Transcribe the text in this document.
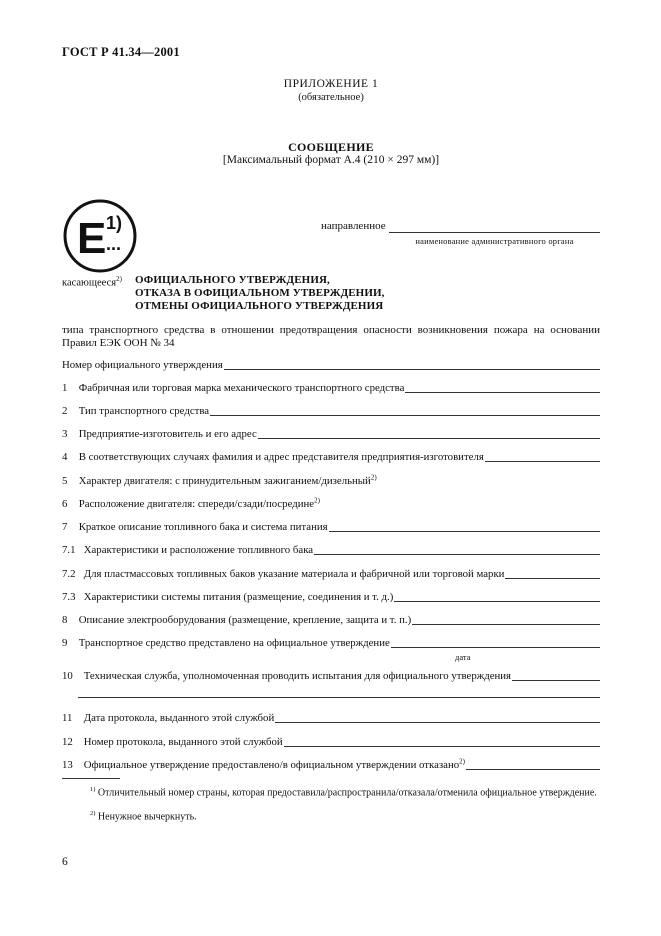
ГОСТ Р 41.34—2001
ПРИЛОЖЕНИЕ 1
(обязательное)
СООБЩЕНИЕ
[Максимальный формат А.4 (210 × 297 мм)]
E 1)
...
направленное
наименование административного органа
касающееся$^{2)}$ ОФИЦИАЛЬНОГО УТВЕРЖДЕНИЯ,
ОТКАЗА В ОФИЦИАЛЬНОМ УТВЕРЖДЕНИИ,
ОТМЕНЫ ОФИЦИАЛЬНОГО УТВЕРЖДЕНИЯ
типа транспортного средства в отношении предотвращения опасности возникновения пожара на основании Правил ЕЭК ООН № 34
Номер официального утверждения
1 Фабричная или торговая марка механического транспортного средства
2 Тип транспортного средства
3 Предприятие-изготовитель и его адрес
4 В соответствующих случаях фамилия и адрес представителя предприятия-изготовителя
5 Характер двигателя: с принудительным зажиганием/дизельный$^{2)}$
6 Расположение двигателя: спереди/сзади/посредине$^{2)}$
7 Краткое описание топливного бака и система питания
7.1 Характеристики и расположение топливного бака
7.2 Для пластмассовых топливных баков указание материала и фабричной или торговой марки
7.3 Характеристики системы питания (размещение, соединения и т. д.)
8 Описание электрооборудования (размещение, крепление, защита и т. п.)
9 Транспортное средство представлено на официальное утверждение
дата
10 Техническая служба, уполномоченная проводить испытания для официального утверждения
11 Дата протокола, выданного этой службой
12 Номер протокола, выданного этой службой
13 Официальное утверждение предоставлено/в официальном утверждении отказано$^{2)}$
$^{1)}$ Отличительный номер страны, которая предоставила/распространила/отказала/отменила официальное утверждение.
$^{2)}$ Ненужное вычеркнуть.
6
